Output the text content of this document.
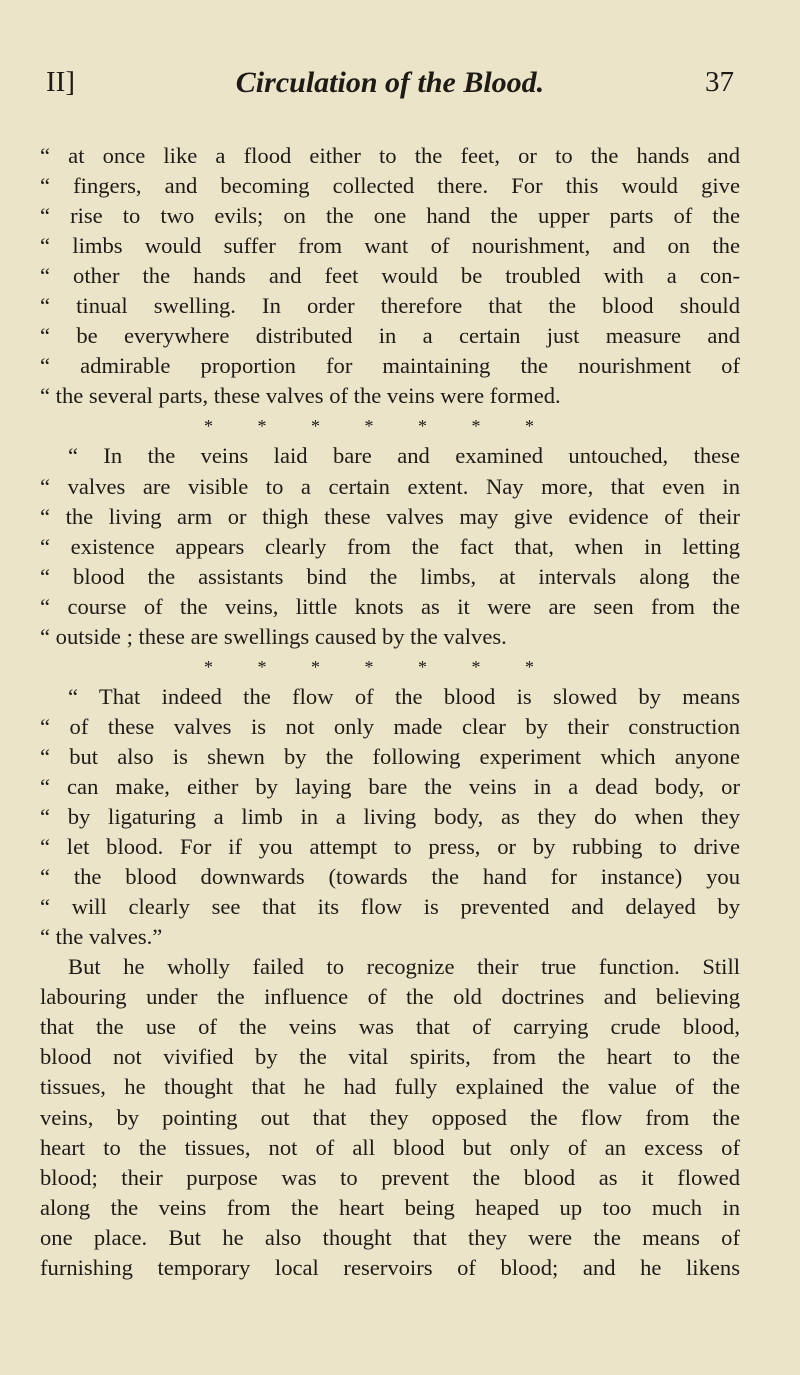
II]	Circulation of the Blood.	37
“ at once like a flood either to the feet, or to the hands and
“ fingers, and becoming collected there. For this would give
“ rise to two evils; on the one hand the upper parts of the
“ limbs would suffer from want of nourishment, and on the
“ other the hands and feet would be troubled with a con-
“ tinual swelling. In order therefore that the blood should
“ be everywhere distributed in a certain just measure and
“ admirable proportion for maintaining the nourishment of
“ the several parts, these valves of the veins were formed.
* * * * * * *
“ In the veins laid bare and examined untouched, these
“ valves are visible to a certain extent. Nay more, that even in
“ the living arm or thigh these valves may give evidence of their
“ existence appears clearly from the fact that, when in letting
“ blood the assistants bind the limbs, at intervals along the
“ course of the veins, little knots as it were are seen from the
“ outside ; these are swellings caused by the valves.
* * * * * * *
“ That indeed the flow of the blood is slowed by means
“ of these valves is not only made clear by their construction
“ but also is shewn by the following experiment which anyone
“ can make, either by laying bare the veins in a dead body, or
“ by ligaturing a limb in a living body, as they do when they
“ let blood. For if you attempt to press, or by rubbing to drive
“ the blood downwards (towards the hand for instance) you
“ will clearly see that its flow is prevented and delayed by
“ the valves.”
But he wholly failed to recognize their true function. Still
labouring under the influence of the old doctrines and believing
that the use of the veins was that of carrying crude blood,
blood not vivified by the vital spirits, from the heart to the
tissues, he thought that he had fully explained the value of the
veins, by pointing out that they opposed the flow from the
heart to the tissues, not of all blood but only of an excess of
blood; their purpose was to prevent the blood as it flowed
along the veins from the heart being heaped up too much in
one place. But he also thought that they were the means of
furnishing temporary local reservoirs of blood; and he likens
